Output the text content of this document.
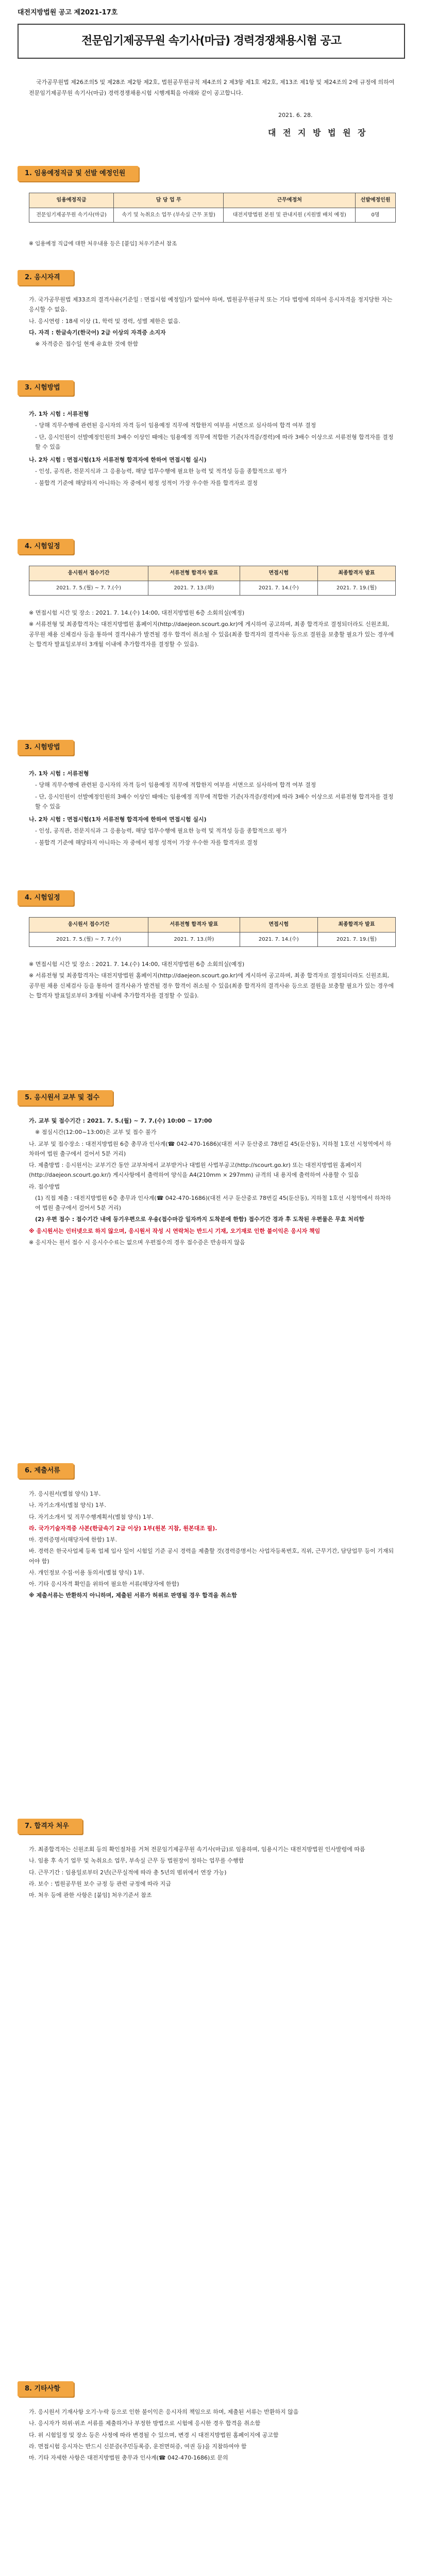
대전지방법원 공고 제2021-17호
전문임기제공무원 속기사(마급) 경력경쟁채용시험 공고
국가공무원법 제26조의5 및 제28조 제2항 제2호, 법원공무원규칙 제4조의 2 제3항 제1호 제2호, 제13조 제1항 및 제24조의 2에 규정에 의하여 전문임기제공무원 속기사(마급) 경력경쟁채용시험 시행계획을 아래와 같이 공고합니다.
2021. 6. 28.
대 전 지 방 법 원 장
1. 임용예정직급 및 선발 예정인원
임용예정직급	담 당 업 무	근무예정처	선발예정인원
전문임기제공무원 속기사(마급)	속기 및 녹취요소 업무 (부속실 근무 포함)	대전지방법원 본원 및 관내지원 (지원별 배치 예정)	0명
※ 임용예정 직급에 대한 처우내용 등은 [붙임] 처우기준서 참조
2. 응시자격

가. 국가공무원법 제33조의 결격사유(기준일 : 면접시험 예정일)가 없어야 하며, 법원공무원규칙 또는 기타 법령에 의하여 응시자격을 정지당한 자는 응시할 수 없음.

나. 응시연령 : 18세 이상 (1, 학력 및 경력, 성별 제한은 없음.

다. 자격 : 한글속기(한국어) 2급 이상의 자격증 소지자

※ 자격증은 접수일 현재 유효한 것에 한함

3. 시험방법

가. 1차 시험 : 서류전형

- 당해 직무수행에 관련된 응시자의 자격 등이 임용예정 직무에 적합한지 여부를 서면으로 심사하여 합격 여부 결정

- 단, 응시인원이 선발예정인원의 3배수 이상인 때에는 임용예정 직무에 적합한 기준(자격증/경력)에 따라 3배수 이상으로 서류전형 합격자를 결정할 수 있음

나. 2차 시험 : 면접시험(1차 서류전형 합격자에 한하여 면접시험 실시)

- 인성, 공직관, 전문지식과 그 응용능력, 해당 업무수행에 필요한 능력 및 적격성 등을 종합적으로 평가

- 불합격 기준에 해당하지 아니하는 자 중에서 평정 성적이 가장 우수한 자를 합격자로 결정

4. 시험일정
응시원서 접수기간	서류전형 합격자 발표	면접시험	최종합격자 발표
2021. 7. 5.(월) ~ 7. 7.(수)	2021. 7. 13.(화)	2021. 7. 14.(수)	2021. 7. 19.(월)

※ 면접시험 시간 및 장소 : 2021. 7. 14.(수) 14:00, 대전지방법원 6층 소회의실(예정)

※ 서류전형 및 최종합격자는 대전지방법원 홈페이지(http://daejeon.scourt.go.kr)에 게시하여 공고하며, 최종 합격자로 결정되더라도 신원조회, 공무원 채용 신체검사 등을 통하여 결격사유가 발견될 경우 합격이 취소될 수 있음(최종 합격자의 결격사유 등으로 결원을 보충할 필요가 있는 경우에는 합격자 발표일로부터 3개월 이내에 추가합격자를 결정할 수 있음).

3. 시험방법

가. 1차 시험 : 서류전형

- 당해 직무수행에 관련된 응시자의 자격 등이 임용예정 직무에 적합한지 여부를 서면으로 심사하여 합격 여부 결정

- 단, 응시인원이 선발예정인원의 3배수 이상인 때에는 임용예정 직무에 적합한 기준(자격증/경력)에 따라 3배수 이상으로 서류전형 합격자를 결정할 수 있음

나. 2차 시험 : 면접시험(1차 서류전형 합격자에 한하여 면접시험 실시)

- 인성, 공직관, 전문지식과 그 응용능력, 해당 업무수행에 필요한 능력 및 적격성 등을 종합적으로 평가

- 불합격 기준에 해당하지 아니하는 자 중에서 평정 성적이 가장 우수한 자를 합격자로 결정

4. 시험일정
응시원서 접수기간	서류전형 합격자 발표	면접시험	최종합격자 발표
2021. 7. 5.(월) ~ 7. 7.(수)	2021. 7. 13.(화)	2021. 7. 14.(수)	2021. 7. 19.(월)

※ 면접시험 시간 및 장소 : 2021. 7. 14.(수) 14:00, 대전지방법원 6층 소회의실(예정)

※ 서류전형 및 최종합격자는 대전지방법원 홈페이지(http://daejeon.scourt.go.kr)에 게시하여 공고하며, 최종 합격자로 결정되더라도 신원조회, 공무원 채용 신체검사 등을 통하여 결격사유가 발견될 경우 합격이 취소될 수 있음(최종 합격자의 결격사유 등으로 결원을 보충할 필요가 있는 경우에는 합격자 발표일로부터 3개월 이내에 추가합격자를 결정할 수 있음).

5. 응시원서 교부 및 접수

가. 교부 및 접수기간 : 2021. 7. 5.(월) ~ 7. 7.(수) 10:00 ~ 17:00

※ 점심시간(12:00~13:00)은 교부 및 접수 불가

나. 교부 및 접수장소 : 대전지방법원 6층 총무과 인사계(☎ 042-470-1686)(대전 서구 둔산중로 78번길 45(둔산동), 지하철 1호선 시청역에서 하차하여 법원 출구에서 걸어서 5분 거리)

다. 제출방법 : 응시원서는 교부기간 동안 교부처에서 교부받거나 대법원 사법부공고(http://scourt.go.kr) 또는 대전지방법원 홈페이지(http://daejeon.scourt.go.kr/) 게시사항에서 출력하여 양식을 A4(210mm × 297mm) 규격의 내 용지에 출력하여 사용할 수 있음

라. 접수방법

(1) 직접 제출 : 대전지방법원 6층 총무과 인사계(☎ 042-470-1686)(대전 서구 둔산중로 78번길 45(둔산동), 지하철 1호선 시청역에서 하차하여 법원 출구에서 걸어서 5분 거리)

(2) 우편 접수 : 접수기간 내에 등기우편으로 우송(접수마감 일자까지 도착분에 한함) 접수기간 경과 후 도착된 우편물은 무효 처리함

※ 응시원서는 인터넷으로 하지 않으며, 응시원서 작성 시 연락처는 반드시 기재, 오기재로 인한 불이익은 응시자 책임

※ 응시자는 원서 접수 시 응시수수료는 없으며 우편접수의 경우 접수증은 반송하지 않음

6. 제출서류

가. 응시원서(별첨 양식) 1부.

나. 자기소개서(별첨 양식) 1부.

다. 자기소개서 및 직무수행계획서(별첨 양식) 1부.

라. 국가기술자격증 사본(한글속기 2급 이상) 1부(원본 지참, 원본대조 필).

마. 경력증명서(해당자에 한함) 1부.

바. 경력은 한국사업체 등록 업체 입사 일이 시험일 기준 공시 경력을 제출할 것(경력증명서는 사업자등록번호, 직위, 근무기간, 담당업무 등이 기재되어야 함)

사. 개인정보 수집·이용 동의서(별첨 양식) 1부.

아. 기타 응시자격 확인을 위하여 필요한 서류(해당자에 한함)

※ 제출서류는 반환하지 아니하며, 제출된 서류가 허위로 판명될 경우 합격을 취소함

7. 합격자 처우

가. 최종합격자는 신원조회 등의 확인절차를 거쳐 전문임기제공무원 속기사(마급)로 임용하며, 임용시기는 대전지방법원 인사발령에 따름

나. 임용 후 속기 업무 및 녹취요소 업무, 부속실 근무 등 법원장이 정하는 업무를 수행함

다. 근무기간 : 임용일로부터 2년(근무실적에 따라 총 5년의 범위에서 연장 가능)

라. 보수 : 법원공무원 보수 규정 등 관련 규정에 따라 지급

마. 처우 등에 관한 사항은 [붙임] 처우기준서 참조

8. 기타사항

가. 응시원서 기재사항 오기·누락 등으로 인한 불이익은 응시자의 책임으로 하며, 제출된 서류는 반환하지 않음

나. 응시자가 허위·위조 서류를 제출하거나 부정한 방법으로 시험에 응시한 경우 합격을 취소함

다. 위 시험일정 및 장소 등은 사정에 따라 변경될 수 있으며, 변경 시 대전지방법원 홈페이지에 공고함

라. 면접시험 응시자는 반드시 신분증(주민등록증, 운전면허증, 여권 등)을 지참하여야 함

마. 기타 자세한 사항은 대전지방법원 총무과 인사계(☎ 042-470-1686)로 문의
